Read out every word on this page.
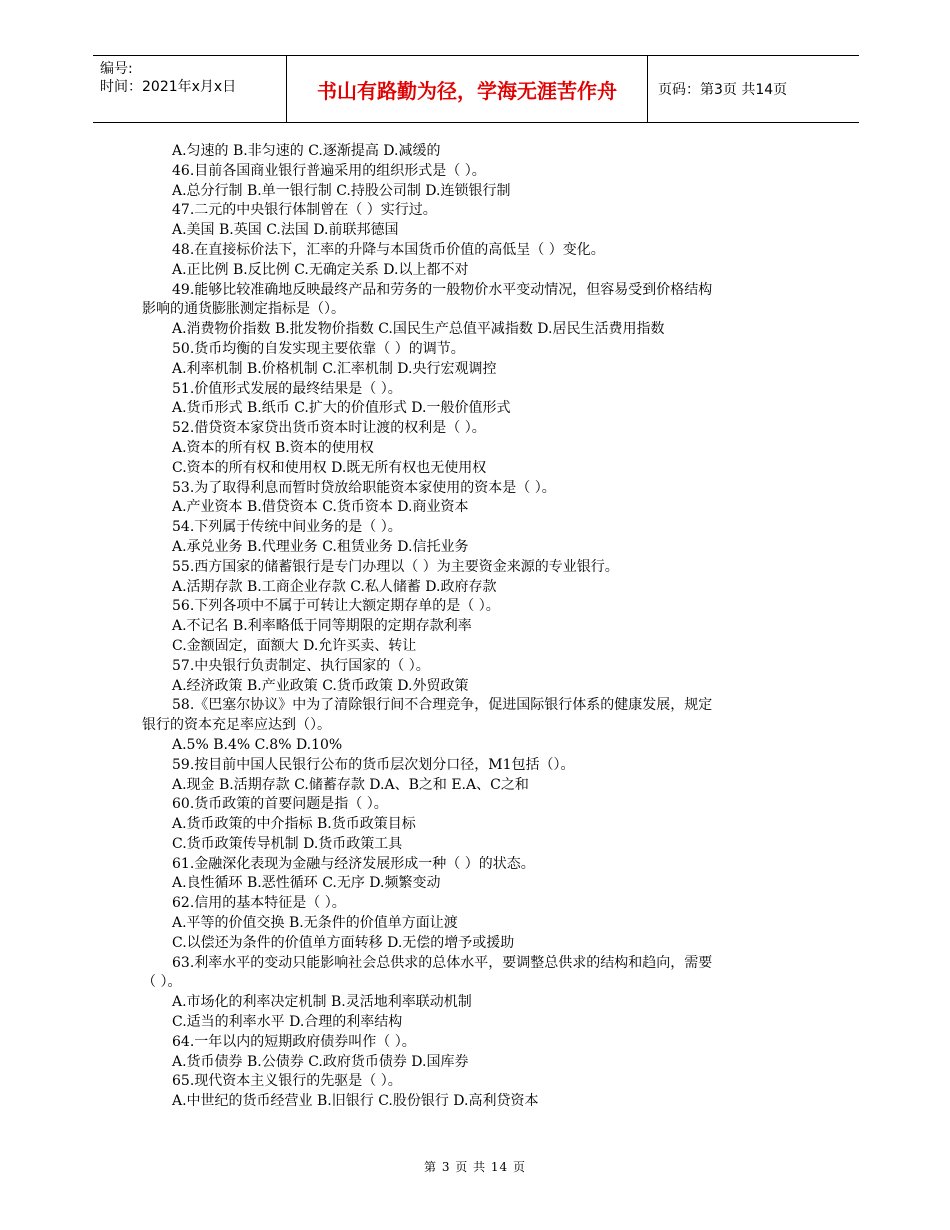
编号:
时间：2021年x月x日	书山有路勤为径，学海无涯苦作舟	页码：第3页 共14页
A.匀速的 B.非匀速的 C.逐渐提高 D.减缓的
46.目前各国商业银行普遍采用的组织形式是（ ）。
A.总分行制 B.单一银行制 C.持股公司制 D.连锁银行制
47.二元的中央银行体制曾在（ ）实行过。
A.美国 B.英国 C.法国 D.前联邦德国
48.在直接标价法下，汇率的升降与本国货币价值的高低呈（ ）变化。
A.正比例 B.反比例 C.无确定关系 D.以上都不对
49.能够比较准确地反映最终产品和劳务的一般物价水平变动情况，但容易受到价格结构
影响的通货膨胀测定指标是（）。
A.消费物价指数 B.批发物价指数 C.国民生产总值平减指数 D.居民生活费用指数
50.货币均衡的自发实现主要依靠（ ）的调节。
A.利率机制 B.价格机制 C.汇率机制 D.央行宏观调控
51.价值形式发展的最终结果是（ ）。
A.货币形式 B.纸币 C.扩大的价值形式 D.一般价值形式
52.借贷资本家贷出货币资本时让渡的权利是（ ）。
A.资本的所有权 B.资本的使用权
C.资本的所有权和使用权 D.既无所有权也无使用权
53.为了取得利息而暂时贷放给职能资本家使用的资本是（ ）。
A.产业资本 B.借贷资本 C.货币资本 D.商业资本
54.下列属于传统中间业务的是（ ）。
A.承兑业务 B.代理业务 C.租赁业务 D.信托业务
55.西方国家的储蓄银行是专门办理以（ ）为主要资金来源的专业银行。
A.活期存款 B.工商企业存款 C.私人储蓄 D.政府存款
56.下列各项中不属于可转让大额定期存单的是（ ）。
A.不记名 B.利率略低于同等期限的定期存款利率
C.金额固定，面额大 D.允许买卖、转让
57.中央银行负责制定、执行国家的（ ）。
A.经济政策 B.产业政策 C.货币政策 D.外贸政策
58.《巴塞尔协议》中为了清除银行间不合理竞争，促进国际银行体系的健康发展，规定
银行的资本充足率应达到（）。
A.5% B.4% C.8% D.10%
59.按目前中国人民银行公布的货币层次划分口径，M1包括（）。
A.现金 B.活期存款 C.储蓄存款 D.A、B之和 E.A、C之和
60.货币政策的首要问题是指（ ）。
A.货币政策的中介指标 B.货币政策目标
C.货币政策传导机制 D.货币政策工具
61.金融深化表现为金融与经济发展形成一种（ ）的状态。
A.良性循环 B.恶性循环 C.无序 D.频繁变动
62.信用的基本特征是（ ）。
A.平等的价值交换 B.无条件的价值单方面让渡
C.以偿还为条件的价值单方面转移 D.无偿的增予或援助
63.利率水平的变动只能影响社会总供求的总体水平，要调整总供求的结构和趋向，需要
（ ）。
A.市场化的利率决定机制 B.灵活地利率联动机制
C.适当的利率水平 D.合理的利率结构
64.一年以内的短期政府债券叫作（ ）。
A.货币债券 B.公债券 C.政府货币债券 D.国库券
65.现代资本主义银行的先驱是（ ）。
A.中世纪的货币经营业 B.旧银行 C.股份银行 D.高利贷资本
第 3 页 共 14 页
